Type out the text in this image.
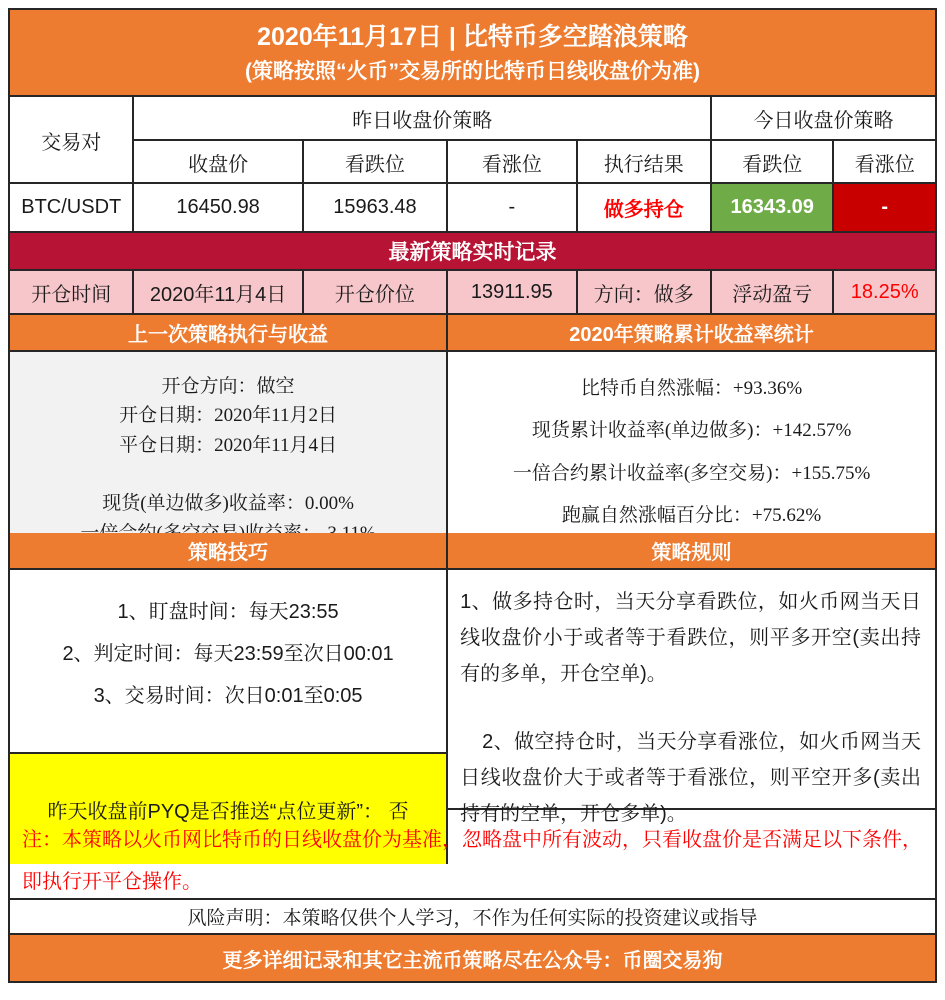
2020年11月17日 | 比特币多空踏浪策略
(策略按照“火币”交易所的比特币日线收盘价为准)
交易对
昨日收盘价策略	今日收盘价策略
收盘价	看跌位	看涨位	执行结果	看跌位	看涨位
BTC/USDT	16450.98	15963.48	-	做多持仓	16343.09	-
最新策略实时记录
开仓时间	2020年11月4日	开仓价位	13911.95	方向：做多	浮动盈亏	18.25%
上一次策略执行与收益	2020年策略累计收益率统计
开仓方向：做空
开仓日期：2020年11月2日
平仓日期：2020年11月4日
现货(单边做多)收益率：0.00%
比特币自然涨幅：+93.36%
现货累计收益率(单边做多)：+142.57%
一倍合约累计收益率(多空交易)：+155.75%
跑赢自然涨幅百分比：+75.62%
策略技巧	策略规则
1、盯盘时间：每天23:55
2、判定时间：每天23:59至次日00:01
3、交易时间：次日0:01至0:05
昨天收盘前PYQ是否推送“点位更新”： 否

1、做多持仓时，当天分享看跌位，如火币网当天日线收盘价小于或者等于看跌位，则平多开空(卖出持有的多单，开仓空单)。

2、做空持仓时，当天分享看涨位，如火币网当天日线收盘价大于或者等于看涨位，则平空开多(卖出持有的空单，开仓多单)。

注：本策略以火币网比特币的日线收盘价为基准，忽略盘中所有波动，只看收盘价是否满足以下条件，即执行开平仓操作。
风险声明：本策略仅供个人学习，不作为任何实际的投资建议或指导
更多详细记录和其它主流币策略尽在公众号：币圈交易狗
